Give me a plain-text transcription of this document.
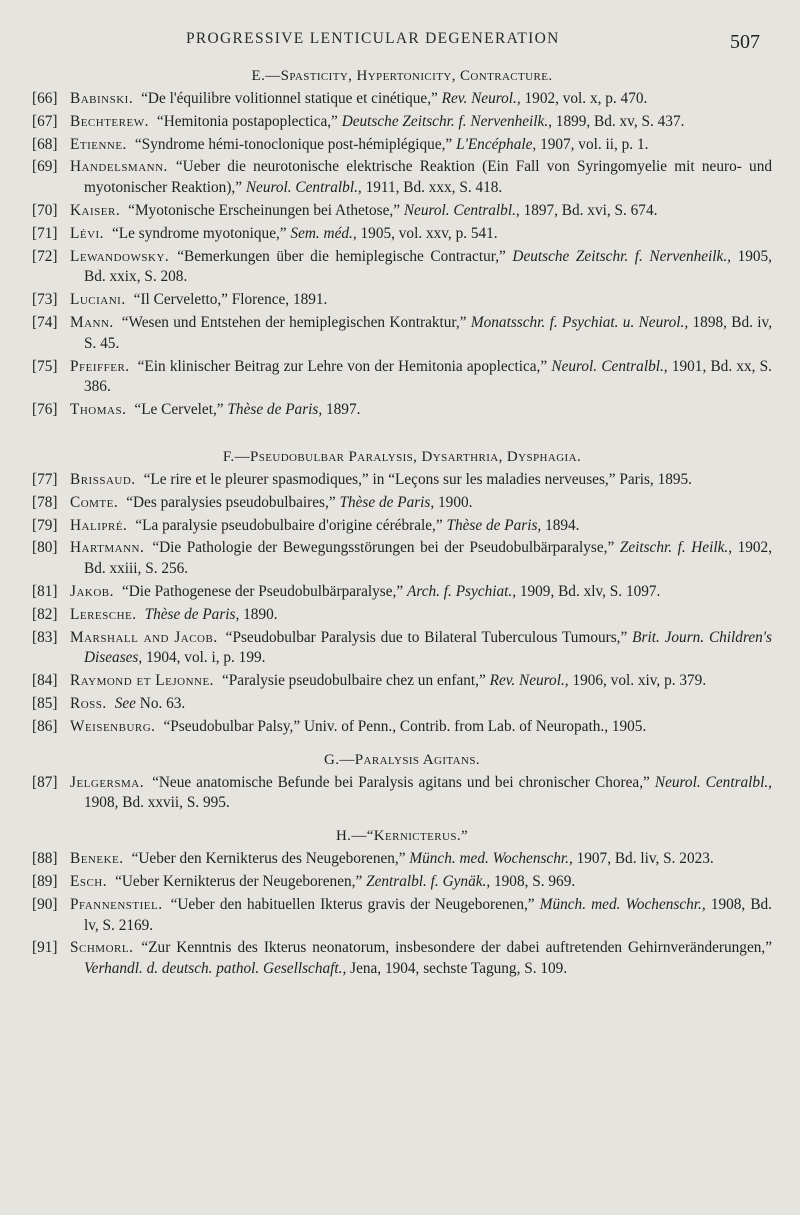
PROGRESSIVE LENTICULAR DEGENERATION	507
E.—Spasticity, Hypertonicity, Contracture.

[66] Babinski. “De l'équilibre volitionnel statique et cinétique,” Rev. Neurol., 1902, vol. x, p. 470.

[67] Bechterew. “Hemitonia postapoplectica,” Deutsche Zeitschr. f. Nervenheilk., 1899, Bd. xv, S. 437.

[68] Etienne. “Syndrome hémi-tonoclonique post-hémiplégique,” L'Encéphale, 1907, vol. ii, p. 1.

[69] Handelsmann. “Ueber die neurotonische elektrische Reaktion (Ein Fall von Syringomyelie mit neuro- und myotonischer Reaktion),” Neurol. Centralbl., 1911, Bd. xxx, S. 418.

[70] Kaiser. “Myotonische Erscheinungen bei Athetose,” Neurol. Centralbl., 1897, Bd. xvi, S. 674.

[71] Lévi. “Le syndrome myotonique,” Sem. méd., 1905, vol. xxv, p. 541.

[72] Lewandowsky. “Bemerkungen über die hemiplegische Contractur,” Deutsche Zeitschr. f. Nervenheilk., 1905, Bd. xxix, S. 208.

[73] Luciani. “Il Cerveletto,” Florence, 1891.

[74] Mann. “Wesen und Entstehen der hemiplegischen Kontraktur,” Monatsschr. f. Psychiat. u. Neurol., 1898, Bd. iv, S. 45.

[75] Pfeiffer. “Ein klinischer Beitrag zur Lehre von der Hemitonia apoplectica,” Neurol. Centralbl., 1901, Bd. xx, S. 386.

[76] Thomas. “Le Cervelet,” Thèse de Paris, 1897.

F.—Pseudobulbar Paralysis, Dysarthria, Dysphagia.

[77] Brissaud. “Le rire et le pleurer spasmodiques,” in “Leçons sur les maladies nerveuses,” Paris, 1895.

[78] Comte. “Des paralysies pseudobulbaires,” Thèse de Paris, 1900.

[79] Halipré. “La paralysie pseudobulbaire d'origine cérébrale,” Thèse de Paris, 1894.

[80] Hartmann. “Die Pathologie der Bewegungsstörungen bei der Pseudobulbärparalyse,” Zeitschr. f. Heilk., 1902, Bd. xxiii, S. 256.

[81] Jakob. “Die Pathogenese der Pseudobulbärparalyse,” Arch. f. Psychiat., 1909, Bd. xlv, S. 1097.

[82] Leresche. Thèse de Paris, 1890.

[83] Marshall and Jacob. “Pseudobulbar Paralysis due to Bilateral Tuberculous Tumours,” Brit. Journ. Children's Diseases, 1904, vol. i, p. 199.

[84] Raymond et Lejonne. “Paralysie pseudobulbaire chez un enfant,” Rev. Neurol., 1906, vol. xiv, p. 379.

[85] Ross. See No. 63.

[86] Weisenburg. “Pseudobulbar Palsy,” Univ. of Penn., Contrib. from Lab. of Neuropath., 1905.

G.—Paralysis Agitans.

[87] Jelgersma. “Neue anatomische Befunde bei Paralysis agitans und bei chronischer Chorea,” Neurol. Centralbl., 1908, Bd. xxvii, S. 995.

H.—“Kernicterus.”

[88] Beneke. “Ueber den Kernikterus des Neugeborenen,” Münch. med. Wochenschr., 1907, Bd. liv, S. 2023.

[89] Esch. “Ueber Kernikterus der Neugeborenen,” Zentralbl. f. Gynäk., 1908, S. 969.

[90] Pfannenstiel. “Ueber den habituellen Ikterus gravis der Neugeborenen,” Münch. med. Wochenschr., 1908, Bd. lv, S. 2169.

[91] Schmorl. “Zur Kenntnis des Ikterus neonatorum, insbesondere der dabei auftretenden Gehirnveränderungen,” Verhandl. d. deutsch. pathol. Gesellschaft., Jena, 1904, sechste Tagung, S. 109.
